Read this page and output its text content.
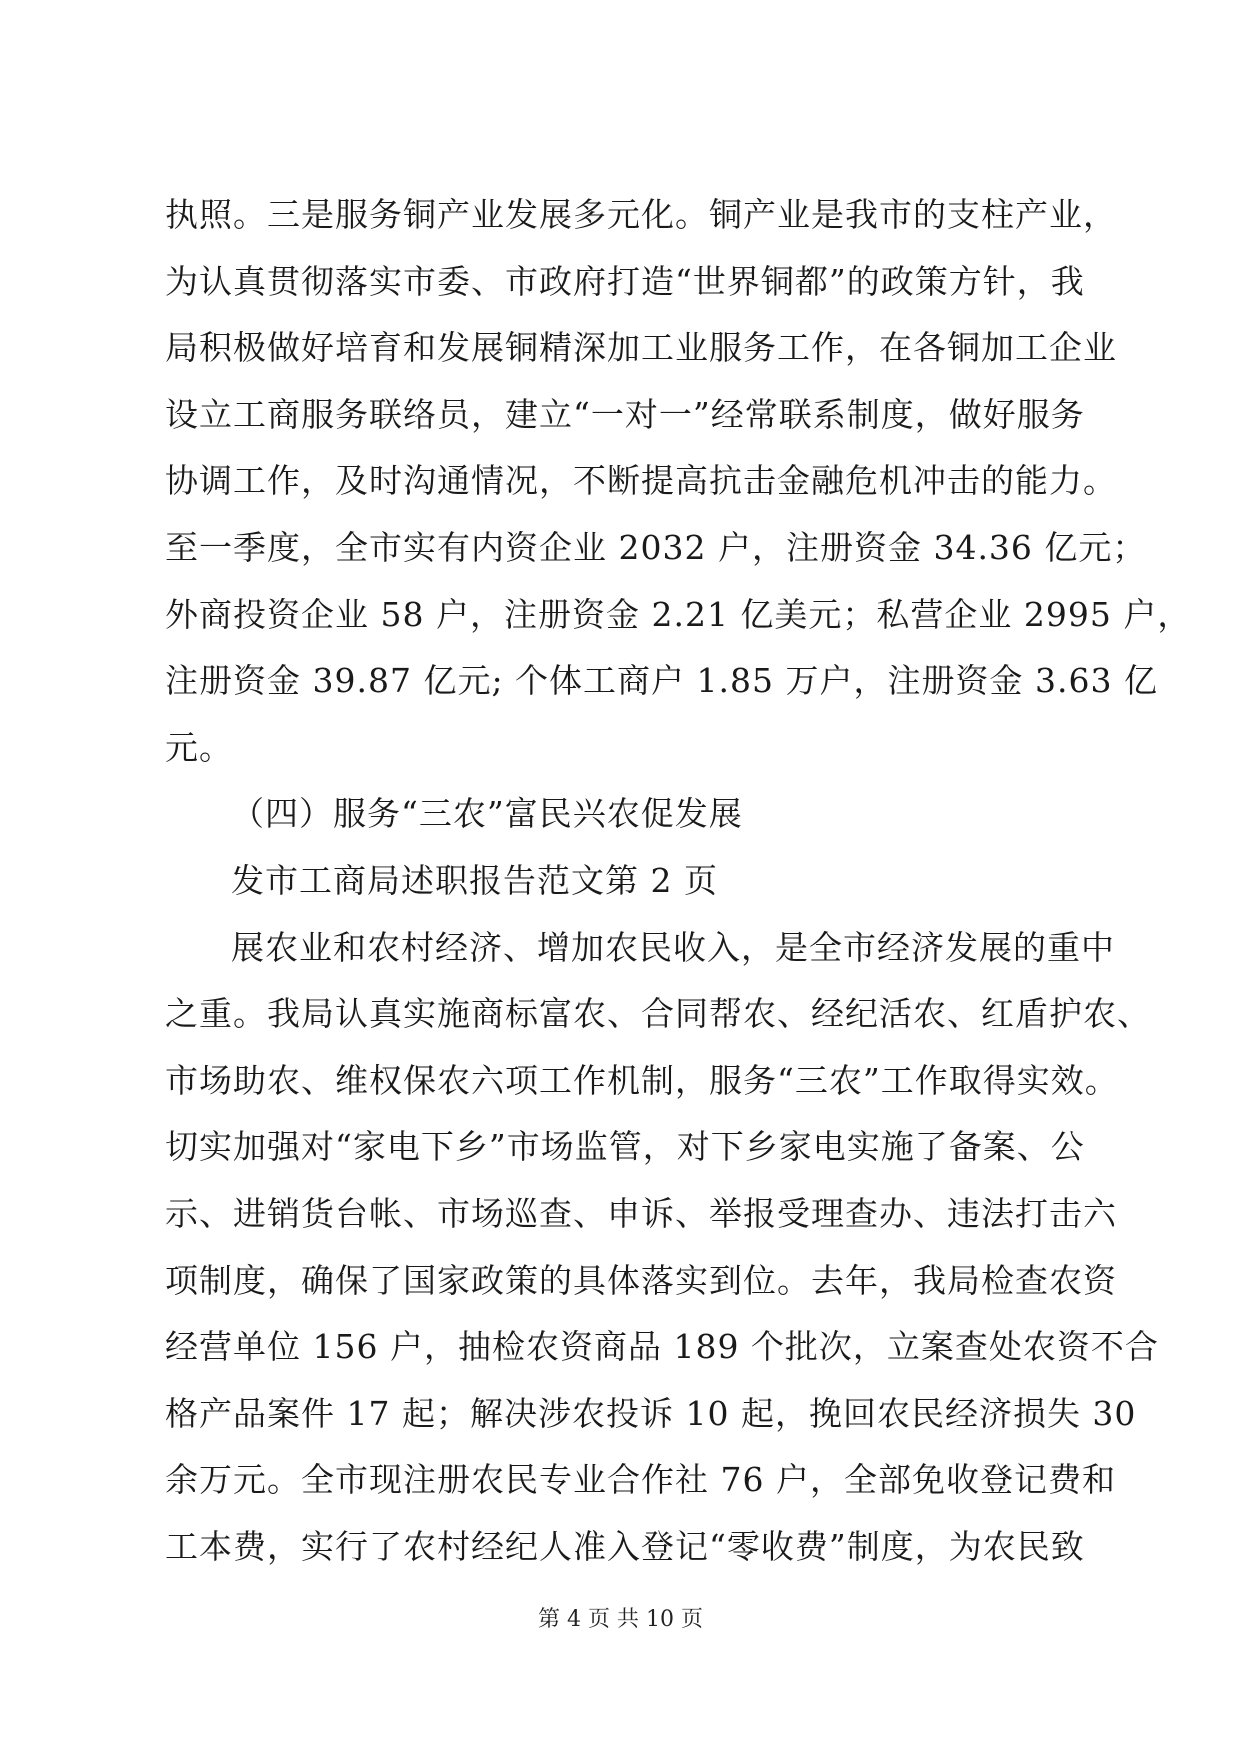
执照。三是服务铜产业发展多元化。铜产业是我市的支柱产业，
为认真贯彻落实市委、市政府打造“世界铜都”的政策方针，我
局积极做好培育和发展铜精深加工业服务工作，在各铜加工企业
设立工商服务联络员，建立“一对一”经常联系制度，做好服务
协调工作，及时沟通情况，不断提高抗击金融危机冲击的能力。
至一季度，全市实有内资企业 2032 户，注册资金 34.36 亿元；
外商投资企业 58 户，注册资金 2.21 亿美元；私营企业 2995 户，
注册资金 39.87 亿元; 个体工商户 1.85 万户，注册资金 3.63 亿
元。
（四）服务“三农”富民兴农促发展
发市工商局述职报告范文第 2 页
展农业和农村经济、增加农民收入，是全市经济发展的重中
之重。我局认真实施商标富农、合同帮农、经纪活农、红盾护农、
市场助农、维权保农六项工作机制，服务“三农”工作取得实效。
切实加强对“家电下乡”市场监管，对下乡家电实施了备案、公
示、进销货台帐、市场巡查、申诉、举报受理查办、违法打击六
项制度，确保了国家政策的具体落实到位。去年，我局检查农资
经营单位 156 户，抽检农资商品 189 个批次，立案查处农资不合
格产品案件 17 起；解决涉农投诉 10 起，挽回农民经济损失 30
余万元。全市现注册农民专业合作社 76 户，全部免收登记费和
工本费，实行了农村经纪人准入登记“零收费”制度，为农民致
第 4 页 共 10 页
